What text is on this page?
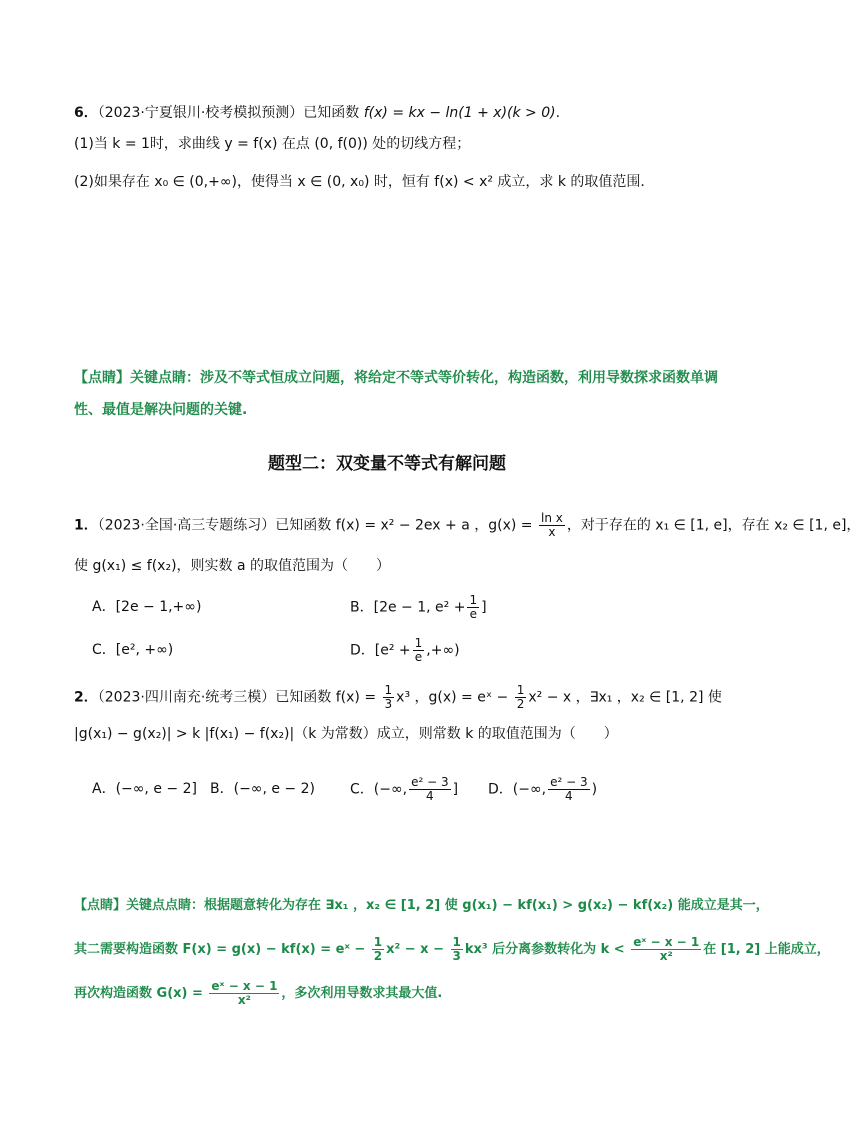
6．（2023·宁夏银川·校考模拟预测）已知函数 f(x) = kx − ln(1 + x)(k > 0).
(1)当 k = 1时，求曲线 y = f(x) 在点 (0, f(0)) 处的切线方程；
(2)如果存在 x₀ ∈ (0,+∞)，使得当 x ∈ (0, x₀) 时，恒有 f(x) < x² 成立，求 k 的取值范围.
【点睛】关键点睛：涉及不等式恒成立问题，将给定不等式等价转化，构造函数，利用导数探求函数单调
性、最值是解决问题的关键.
题型二：双变量不等式有解问题
1．（2023·全国·高三专题练习）已知函数 f(x) = x² − 2ex + a ，$g(x) = \frac{\text{ln x}}{x}$ ，对于存在的 x₁ ∈ [1, e]，存在 x₂ ∈ [1, e]，
使 g(x₁) ≤ f(x₂)，则实数 a 的取值范围为（　　）
A．[2e − 1,+∞)	B．[2e − 1, $e^2 + \frac{1}{e}$ ]
C．[e², +∞)	D．[$e^2 + \frac{1}{e}$ ,+∞)
2．（2023·四川南充·统考三模）已知函数 $f(x) = \frac{1}{3} x^3$ ，g(x) = eˣ − $\frac{1}{2} x^2 - x$ ，∃x₁ ，x₂ ∈ [1, 2] 使
|g(x₁) − g(x₂)| > k |f(x₁) − f(x₂)|（k 为常数）成立，则常数 k 的取值范围为（　　）
A．(−∞, e − 2] B．(−∞, e − 2)	C．(−∞, $\frac{\text{e² − 3}}{4}$ ] D．(−∞, $\frac{\text{e² − 3}}{4}$ )
【点睛】关键点点睛：根据题意转化为存在 ∃x₁ ，x₂ ∈ [1, 2] 使 g(x₁) − kf(x₁) > g(x₂) − kf(x₂) 能成立是其一，
其二需要构造函数 F(x) = g(x) − kf(x) = eˣ − $\frac{1}{2} x^2 - x - \frac{1}{3} kx^3$ 后分离参数转化为 $k < \frac{\text{eˣ − x − 1}}{\text{x²}}$ 在 [1, 2] 上能成立，
再次构造函数 $G(x) = \frac{\text{eˣ − x − 1}}{\text{x²}}$ ，多次利用导数求其最大值.
